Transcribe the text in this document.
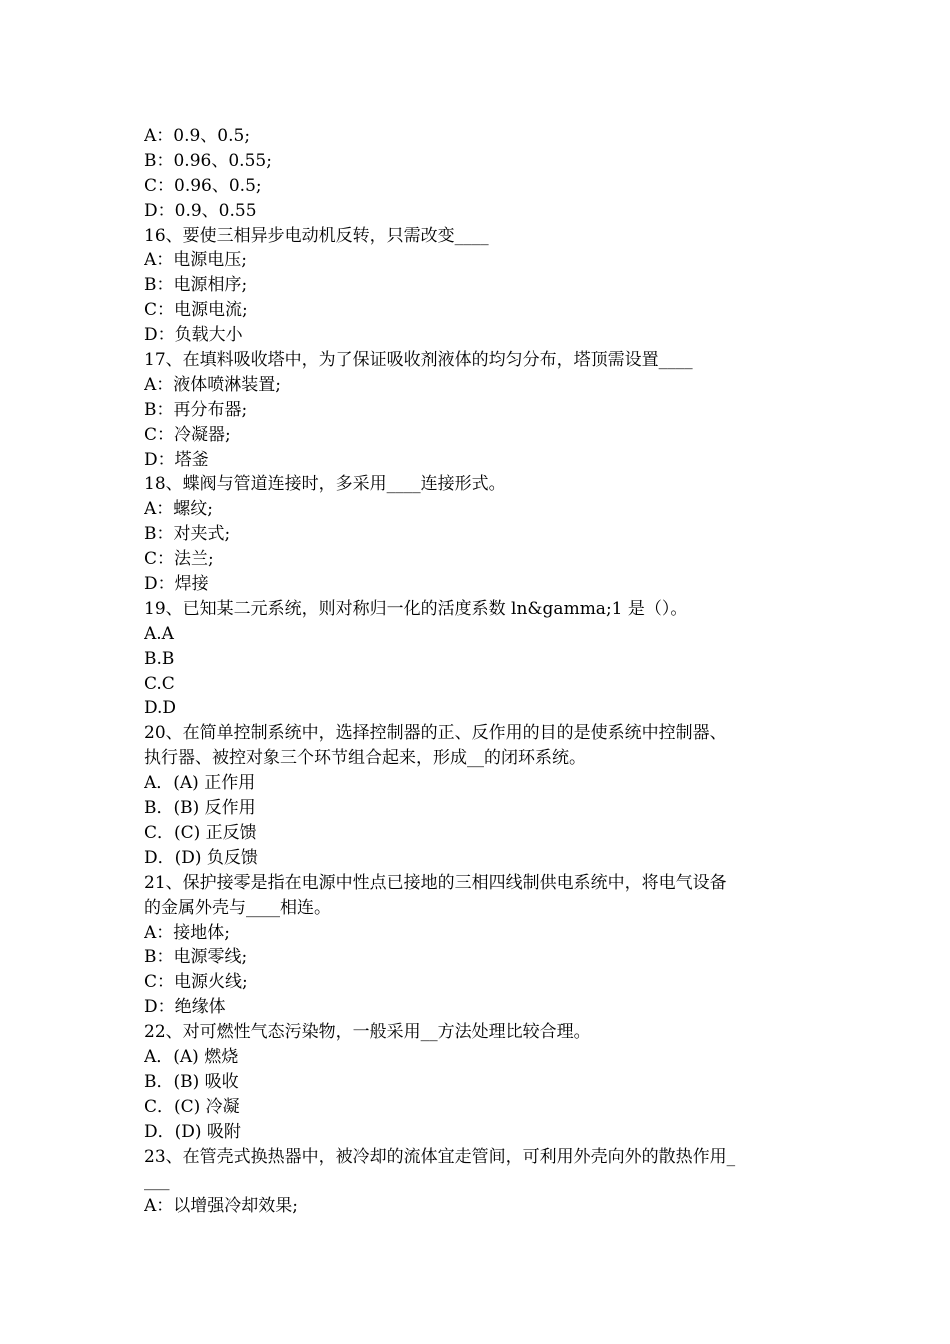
A：0.9、0.5;
B：0.96、0.55;
C：0.96、0.5;
D：0.9、0.55
16、要使三相异步电动机反转，只需改变____
A：电源电压;
B：电源相序;
C：电源电流;
D：负载大小
17、在填料吸收塔中，为了保证吸收剂液体的均匀分布，塔顶需设置____
A：液体喷淋装置;
B：再分布器;
C：冷凝器;
D：塔釜
18、蝶阀与管道连接时，多采用____连接形式。
A：螺纹;
B：对夹式;
C：法兰;
D：焊接
19、已知某二元系统，则对称归一化的活度系数 ln&gamma;1 是（）。
A.A
B.B
C.C
D.D
20、在简单控制系统中，选择控制器的正、反作用的目的是使系统中控制器、
执行器、被控对象三个环节组合起来，形成__的闭环系统。
A．(A) 正作用
B．(B) 反作用
C．(C) 正反馈
D．(D) 负反馈
21、保护接零是指在电源中性点已接地的三相四线制供电系统中，将电气设备
的金属外壳与____相连。
A：接地体;
B：电源零线;
C：电源火线;
D：绝缘体
22、对可燃性气态污染物，一般采用__方法处理比较合理。
A．(A) 燃烧
B．(B) 吸收
C．(C) 冷凝
D．(D) 吸附
23、在管壳式换热器中，被冷却的流体宜走管间，可利用外壳向外的散热作用_
___
A：以增强冷却效果;
